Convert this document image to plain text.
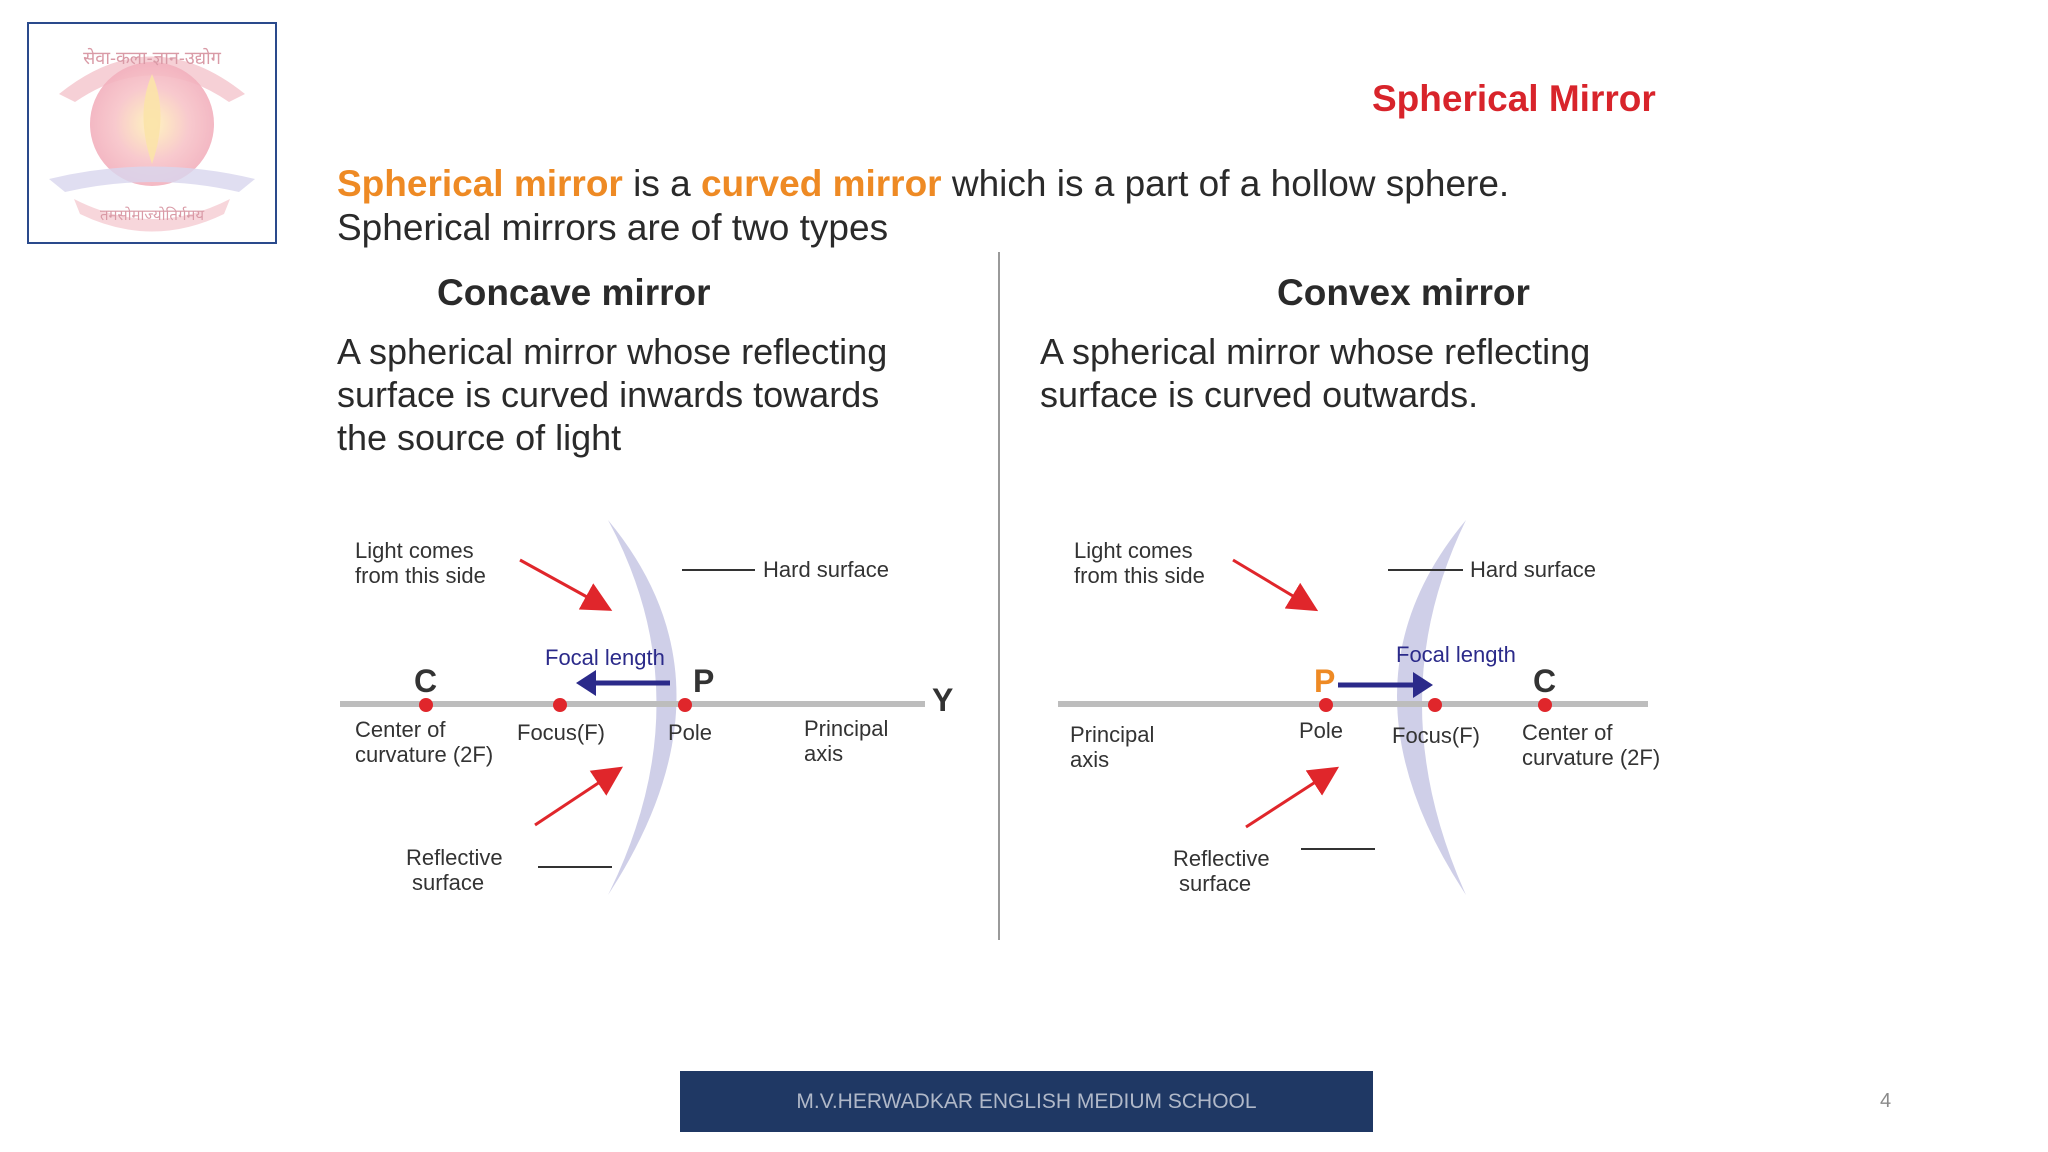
सेवा-कला-ज्ञान-उद्योग
तमसोमाज्योतिर्गमय
Spherical Mirror
Spherical mirror is a curved mirror which is a part of a hollow sphere.
Spherical mirrors are of two types
Concave mirror
A spherical mirror whose reflecting
surface is curved inwards towards
the source of light
Light comes
from this side	Hard surface
Focal length
C	P
Y
Center of
curvature (2F)
Focus(F)	Pole	Principal
axis
Reflective
surface
Convex mirror
A spherical mirror whose reflecting
surface is curved outwards.
Light comes
from this side	Hard surface
Focal length
P	C
Principal
axis
Pole Focus(F) Center of
curvature (2F)
Reflective
surface
M.V.HERWADKAR ENGLISH MEDIUM SCHOOL	4
